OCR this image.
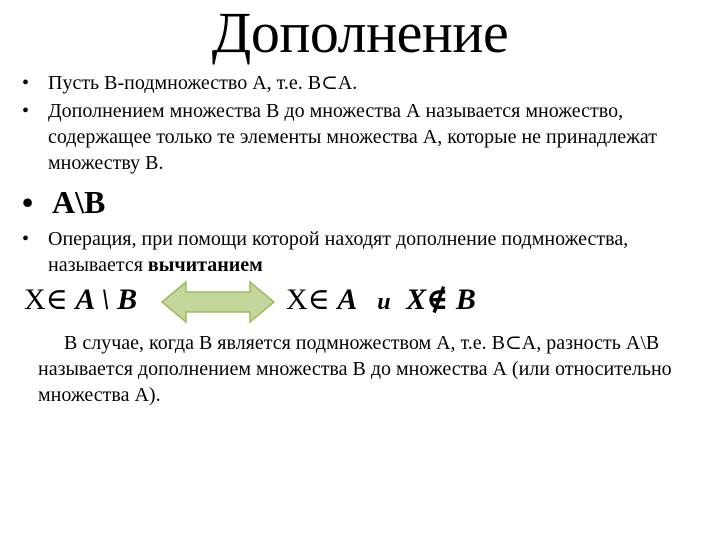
Дополнение
• Пусть В-подмножество А, т.е. В⊂А.
• Дополнением множества В до множества А называется множество, содержащее только те элементы множества А, которые не принадлежат множеству В.
• А\В
• Операция, при помощи которой находят дополнение подмножества, называется вычитанием
Х∈ A \ B	Х∈ A и Х∉ B
В случае, когда В является подмножеством А, т.е. В⊂А, разность А\В называется дополнением множества В до множества А (или относительно множества А).
